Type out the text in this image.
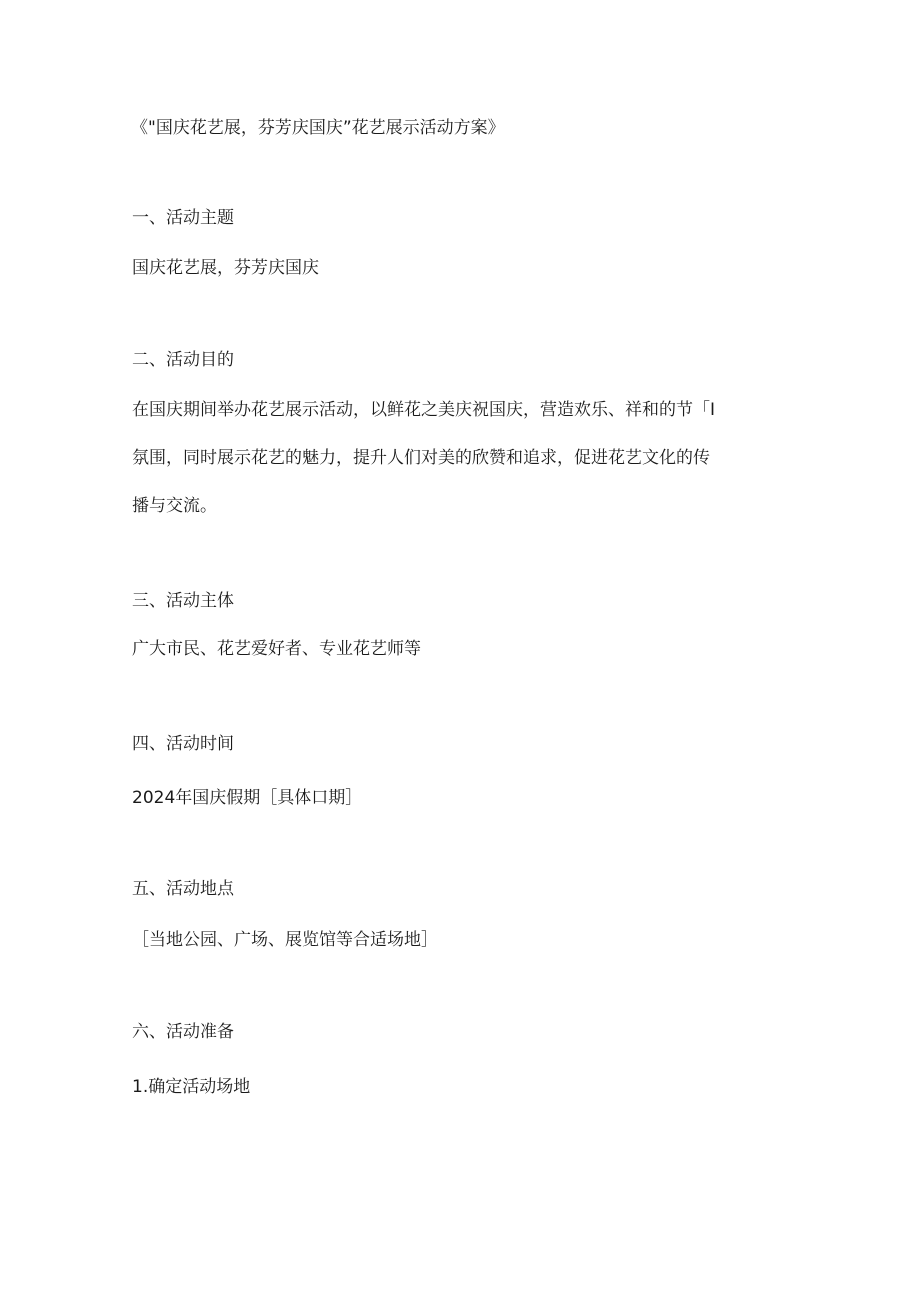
《"国庆花艺展，芬芳庆国庆”花艺展示活动方案》
一、活动主题
国庆花艺展，芬芳庆国庆
二、活动目的
在国庆期间举办花艺展示活动，以鲜花之美庆祝国庆，营造欢乐、祥和的节「I
氛围，同时展示花艺的魅力，提升人们对美的欣赞和追求，促进花艺文化的传
播与交流。
三、活动主体
广大市民、花艺爱好者、专业花艺师等
四、活动时间
2024年国庆假期［具体口期］
五、活动地点
［当地公园、广场、展览馆等合适场地］
六、活动准备
1.确定活动场地
